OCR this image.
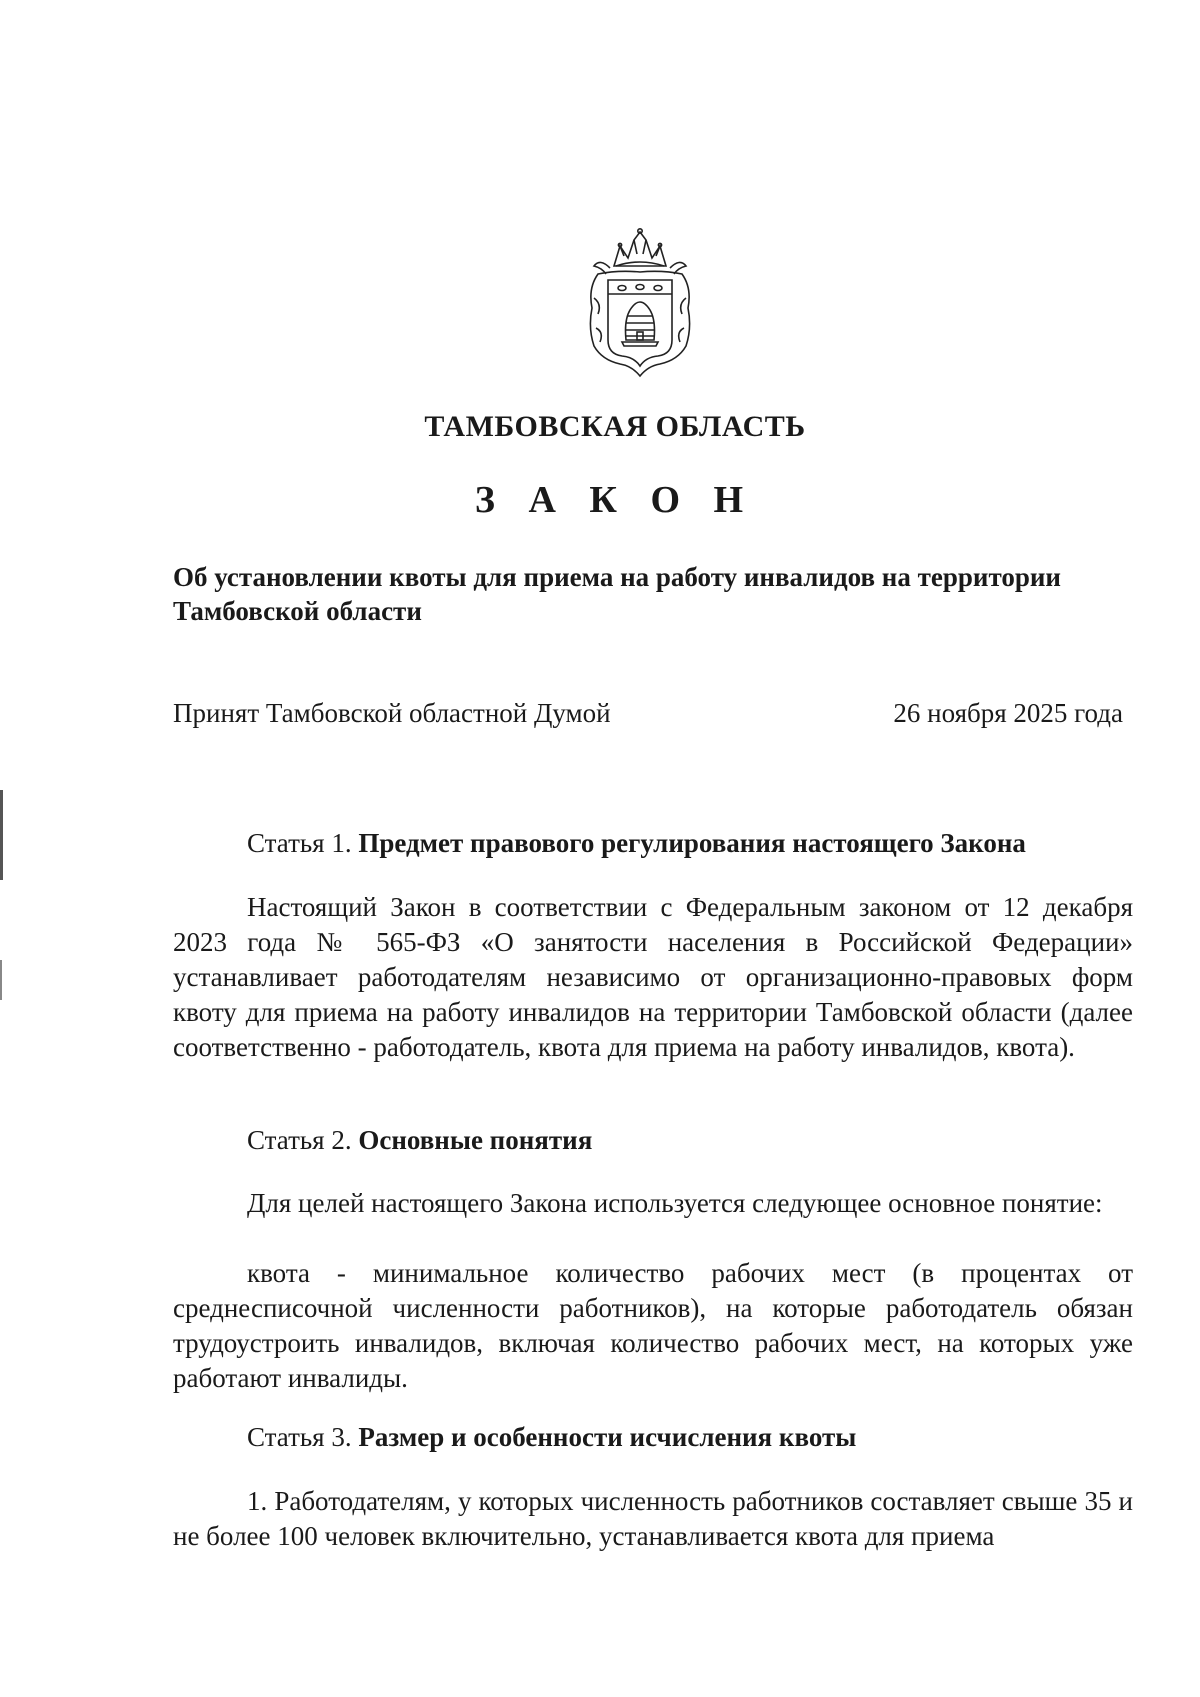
ТАМБОВСКАЯ ОБЛАСТЬ
З А К О Н
Об установлении квоты для приема на работу инвалидов на территории Тамбовской области
Принят Тамбовской областной Думой	26 ноября 2025 года
Статья 1. Предмет правового регулирования настоящего Закона

Настоящий Закон в соответствии с Федеральным законом от 12 декабря 2023 года № 565-ФЗ «О занятости населения в Российской Федерации» устанавливает работодателям независимо от организационно-правовых форм квоту для приема на работу инвалидов на территории Тамбовской области (далее соответственно - работодатель, квота для приема на работу инвалидов, квота).

Статья 2. Основные понятия

Для целей настоящего Закона используется следующее основное понятие:

квота - минимальное количество рабочих мест (в процентах от среднесписочной численности работников), на которые работодатель обязан трудоустроить инвалидов, включая количество рабочих мест, на которых уже работают инвалиды.

Статья 3. Размер и особенности исчисления квоты

1. Работодателям, у которых численность работников составляет свыше 35 и не более 100 человек включительно, устанавливается квота для приема
